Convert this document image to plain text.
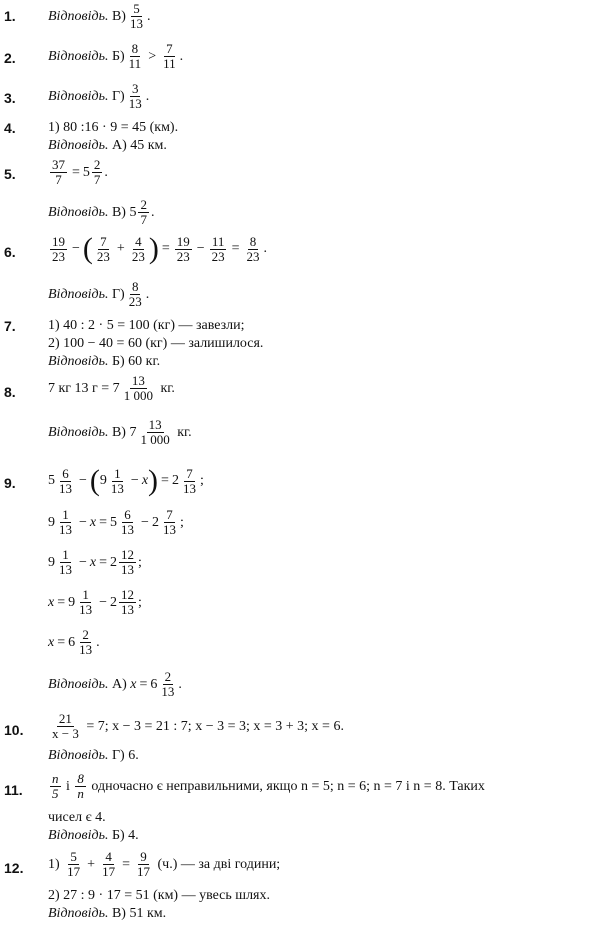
1. Відповідь.
$В) \frac{5}{13}$ .
2. Відповідь.
$Б) \frac{8}{11} > \frac{7}{11}$ .
3. Відповідь.
$Г) \frac{3}{13}$ .
4. 1) 80 :16 · 9 = 45 (км).
Відповідь.
А) 45 км.
5.	$\frac{37}{7} = 5 \frac{2}{7}$ .
Відповідь.
В)
$5 \frac{2}{7}$ .
6.	$\frac{19}{23}$ − ( $\frac{7}{23} + \frac{4}{23}$ ) = $\frac{19}{23} - \frac{11}{23} = \frac{8}{23}$ .
Відповідь.
$Г) \frac{8}{23}$ .
7. 1) 40 : 2 · 5 = 100 (кг) — завезли;
2) 100 − 40 = 60 (кг) — залишилося.
Відповідь.
Б) 60 кг.
8. 7 кг 13 $г = 7 \frac{13}{1 000}$
кг.
Відповідь.
В) $7 \frac{13}{1 000}$
кг.
9. $5 \frac{6}{13}$ − ( $9 \frac{1}{13} - x$ ) = $2 \frac{7}{13}$ ;
$9 \frac{1}{13} - x = 5 \frac{6}{13} - 2 \frac{7}{13}$ ;
$9 \frac{1}{13} - x = 2 \frac{12}{13}$ ;
$x = 9 \frac{1}{13} - 2 \frac{12}{13}$ ;
$x = 6 \frac{2}{13}$ .
Відповідь.
А)
$x = 6 \frac{2}{13}$ .
10. $\frac{21}{x - 3}$
= 7; x − 3 = 21 : 7; x − 3 = 3; x = 3 + 3; x = 6.
Відповідь.
Г) 6.
11. $\frac{n}{5}$ і $\frac{8}{n}$
одночасно є неправильними, якщо n = 5; n = 6; n = 7 і n = 8. Таких
чисел є 4.
Відповідь.
Б) 4.
12. $1) \frac{5}{17} + \frac{4}{17} = \frac{9}{17}$
(ч.) — за дві години;
2) 27 : 9 · 17 = 51 (км) — увесь шлях.
Відповідь.
В) 51 км.
